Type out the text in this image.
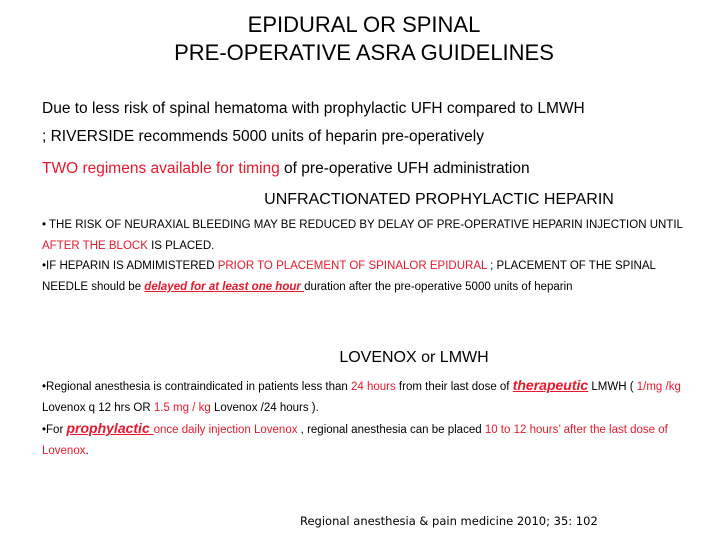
EPIDURAL OR SPINAL
PRE-OPERATIVE ASRA GUIDELINES
Due to less risk of spinal hematoma with prophylactic UFH compared to LMWH
; RIVERSIDE recommends 5000 units of heparin pre-operatively
TWO regimens available for timing of pre-operative UFH administration
UNFRACTIONATED PROPHYLACTIC HEPARIN
• THE RISK OF NEURAXIAL BLEEDING MAY BE REDUCED BY DELAY OF PRE-OPERATIVE HEPARIN INJECTION UNTIL AFTER THE BLOCK IS PLACED.
•IF HEPARIN IS ADMIMISTERED PRIOR TO PLACEMENT OF SPINALOR EPIDURAL ; PLACEMENT OF THE SPINAL NEEDLE should be delayed for at least one hour duration after the pre-operative 5000 units of heparin
LOVENOX or LMWH
•Regional anesthesia is contraindicated in patients less than 24 hours from their last dose of therapeutic LMWH ( 1/mg /kg Lovenox q 12 hrs OR 1.5 mg / kg Lovenox /24 hours ).
•For prophylactic once daily injection Lovenox , regional anesthesia can be placed 10 to 12 hours’ after the last dose of Lovenox.
Regional anesthesia & pain medicine 2010; 35: 102
